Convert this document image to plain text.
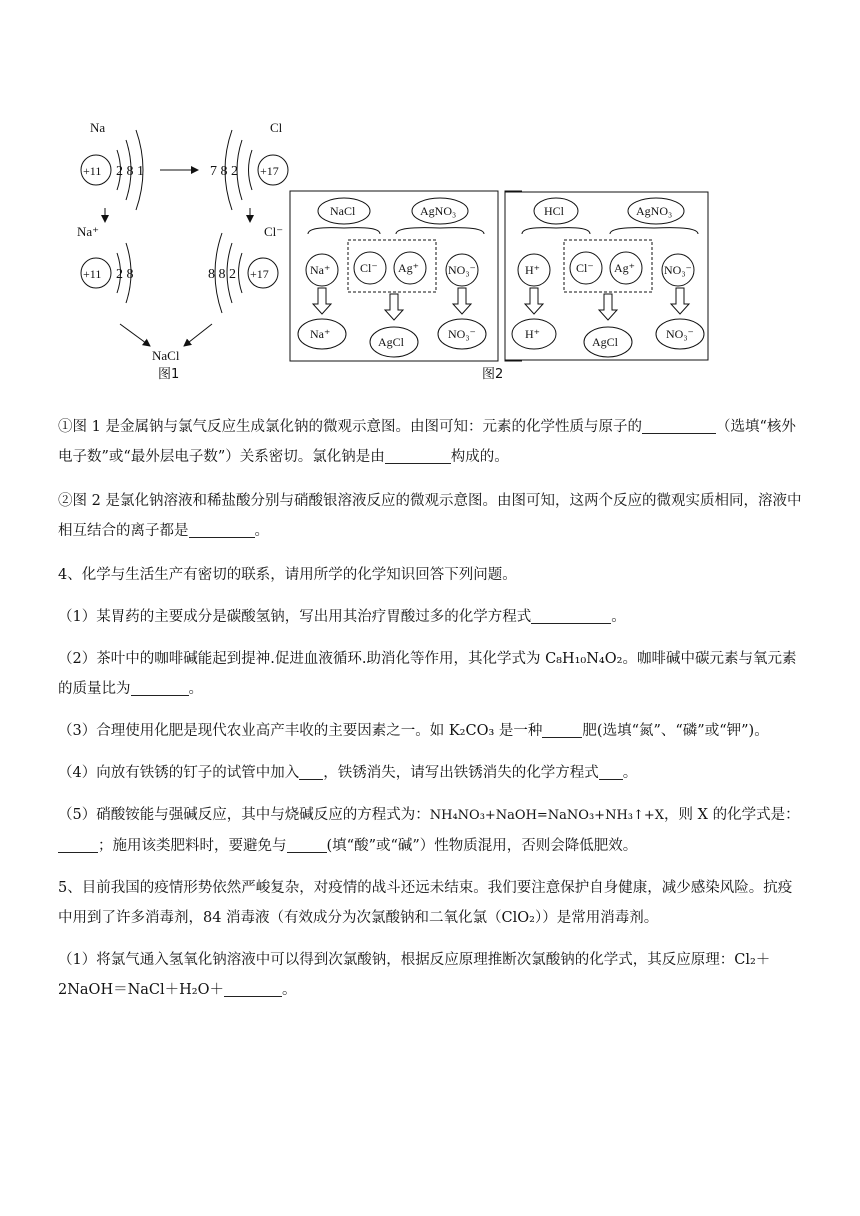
Na
+11 2 8 1
Cl
7 8 2 +17
Na⁺
+11 2 8
Cl⁻
8 8 2 +17
NaCl
图1
NaCl	AgNO₃
Na⁺ Cl⁻ Ag⁺ NO₃⁻
Na⁺
AgCl
NO₃⁻
图2
HCl	AgNO₃
H⁺	Cl⁻ Ag⁺ NO₃⁻
H⁺
AgCl
NO₃⁻

①图 1 是金属钠与氯气反应生成氯化钠的微观示意图。由图可知：元素的化学性质与原子的	（选填“核外电子数”或“最外层电子数”）关系密切。氯化钠是由	构成的。

②图 2 是氯化钠溶液和稀盐酸分别与硝酸银溶液反应的微观示意图。由图可知，这两个反应的微观实质相同，溶液中相互结合的离子都是	。

4、化学与生活生产有密切的联系，请用所学的化学知识回答下列问题。

（1）某胃药的主要成分是碳酸氢钠，写出用其治疗胃酸过多的化学方程式	。

（2）茶叶中的咖啡碱能起到提神.促进血液循环.助消化等作用，其化学式为 C₈H₁₀N₄O₂。咖啡碱中碳元素与氧元素的质量比为	。

（3）合理使用化肥是现代农业高产丰收的主要因素之一。如 K₂CO₃ 是一种	肥(选填“氮”、“磷”或“钾”)。

（4）向放有铁锈的钉子的试管中加入 ，铁锈消失，请写出铁锈消失的化学方程式 。

（5）硝酸铵能与强碱反应，其中与烧碱反应的方程式为：NH₄NO₃+NaOH=NaNO₃+NH₃↑+X，则 X 的化学式是：；施用该类肥料时，要避免与	(填“酸”或“碱”）性物质混用，否则会降低肥效。

5、目前我国的疫情形势依然严峻复杂，对疫情的战斗还远未结束。我们要注意保护自身健康，减少感染风险。抗疫中用到了许多消毒剂，84 消毒液（有效成分为次氯酸钠和二氧化氯（ClO₂））是常用消毒剂。

（1）将氯气通入氢氧化钠溶液中可以得到次氯酸钠，根据反应原理推断次氯酸钠的化学式，其反应原理：Cl₂＋2NaOH＝NaCl＋H₂O＋	。
